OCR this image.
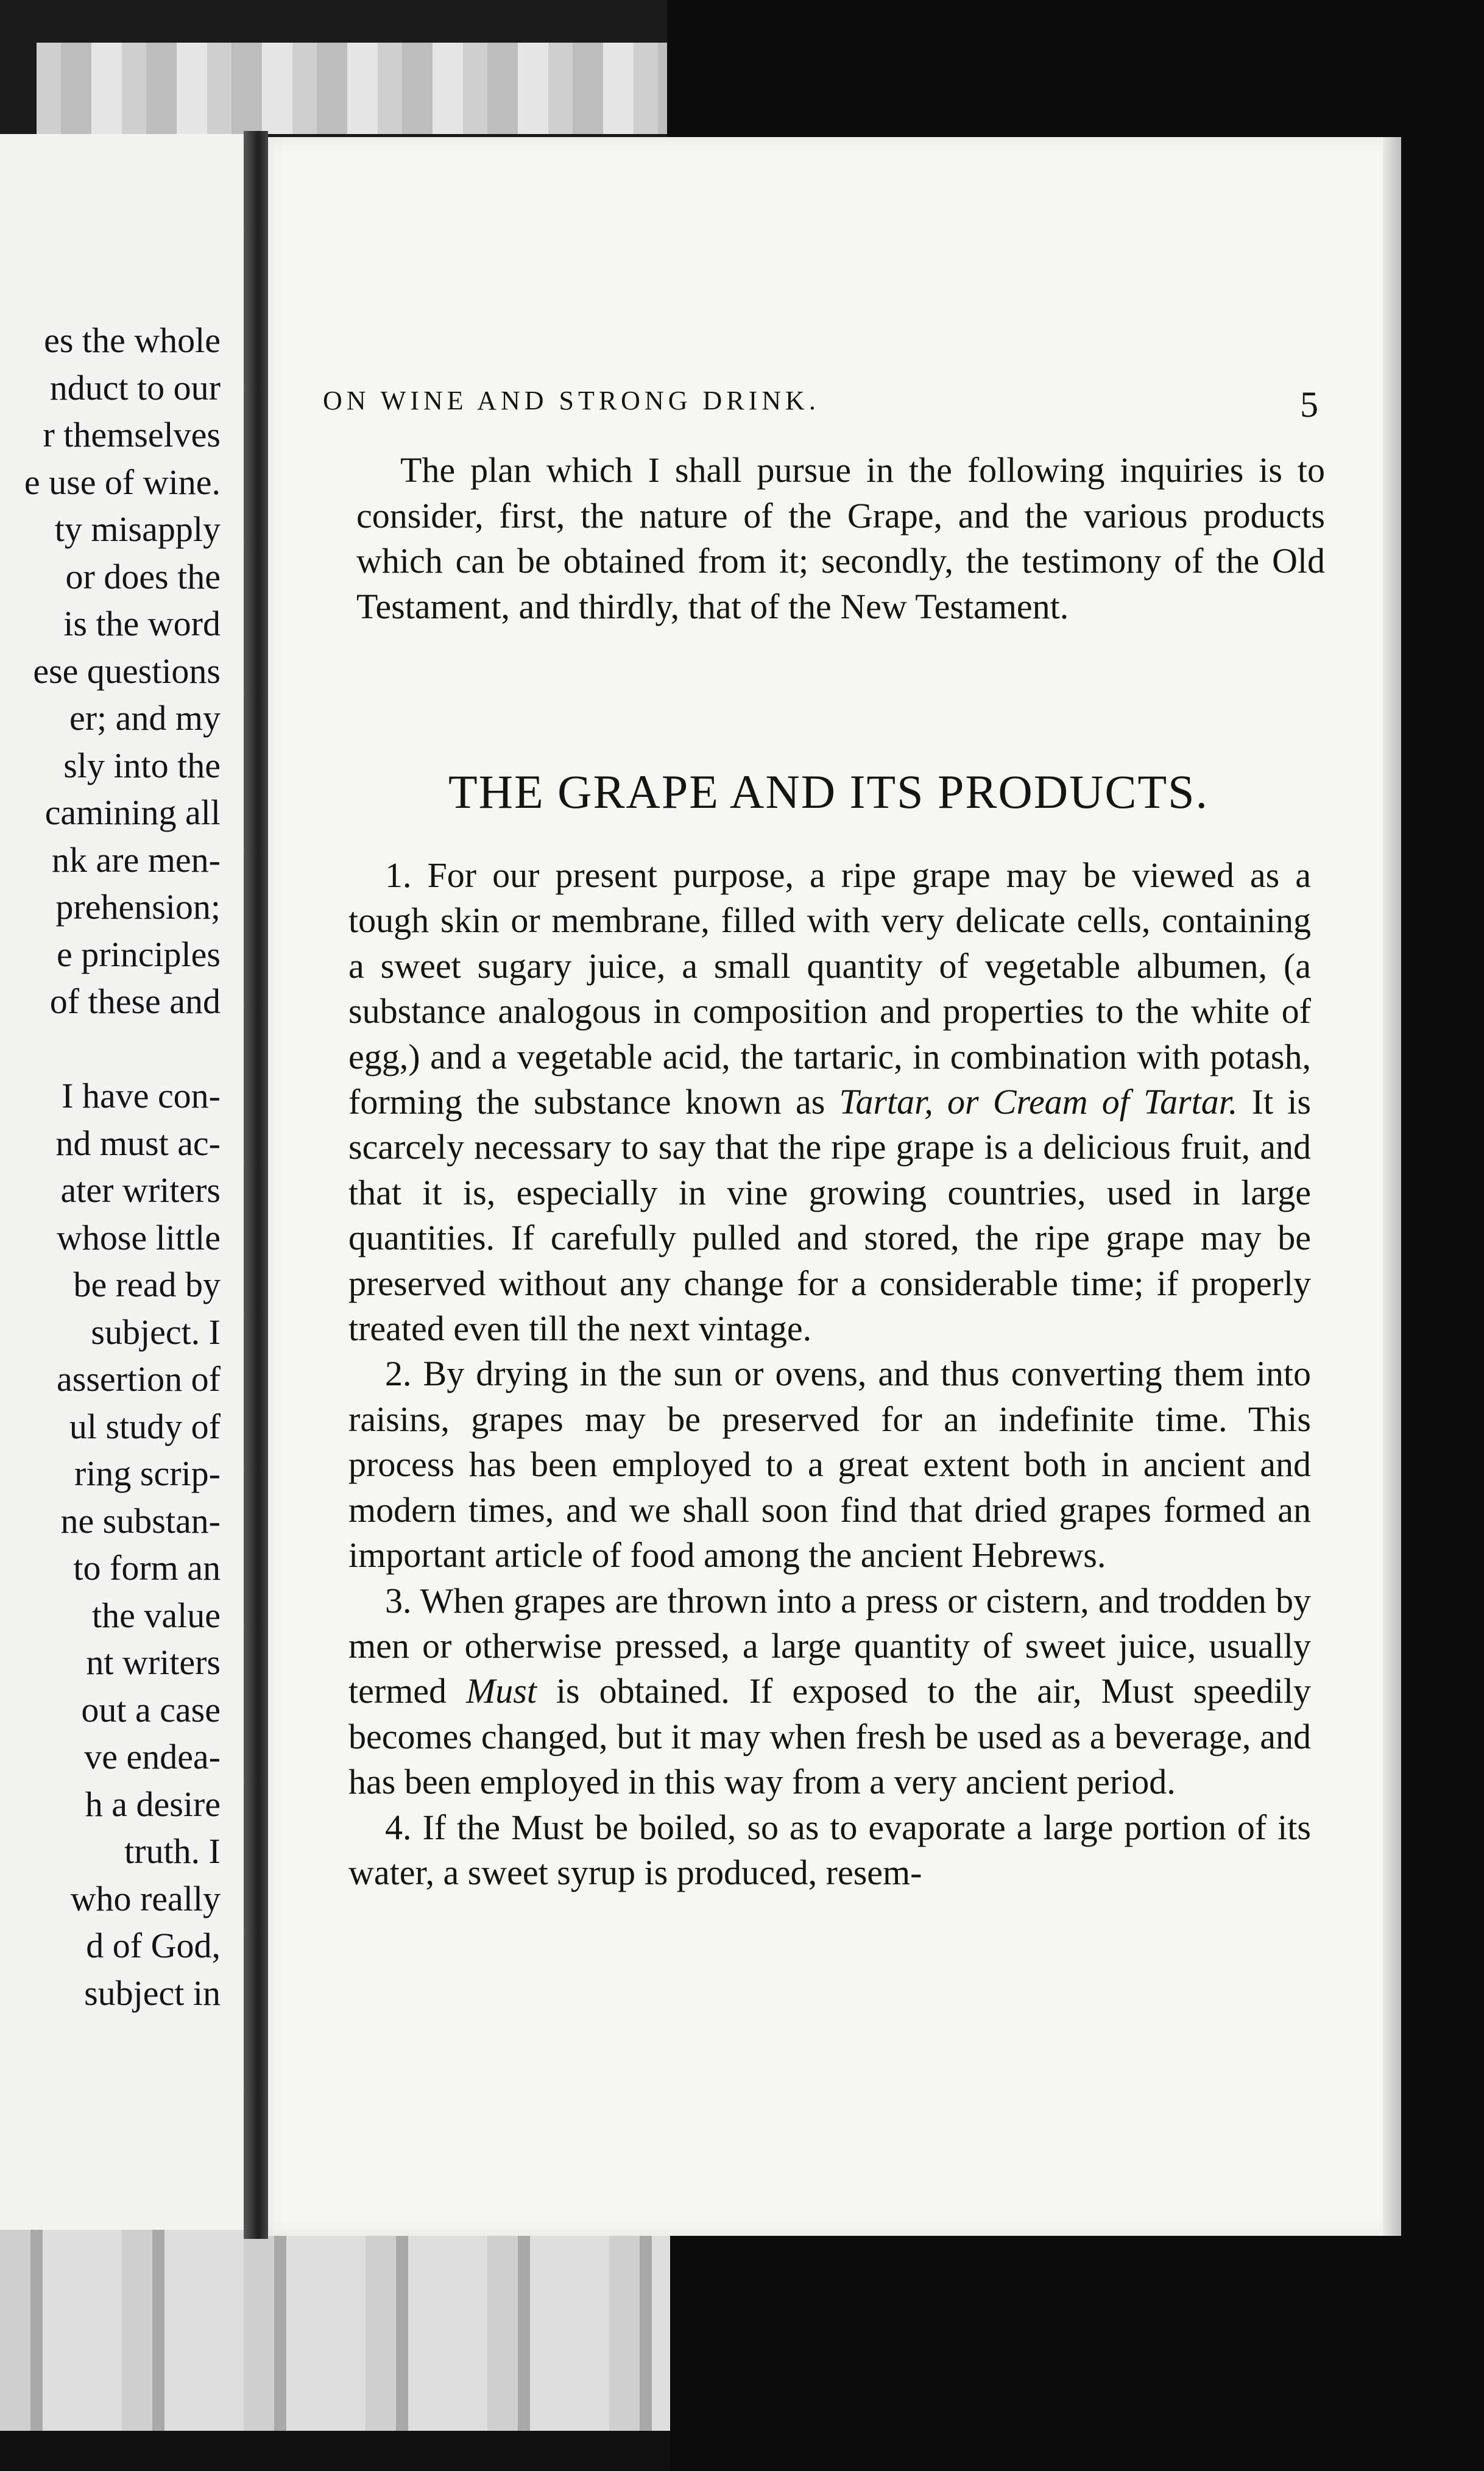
es the whole
nduct to our
r themselves
e use of wine.
ty misapply
or does the
is the word
ese questions
er; and my
sly into the
camining all
nk are men-
prehension;
e principles
of these and
I have con-
nd must ac-
ater writers
whose little
be read by
subject. I
assertion of
ul study of
ring scrip-
ne substan-
to form an
the value
nt writers
out a case
ve endea-
h a desire
truth. I
who really
d of God,
subject in
ON WINE AND STRONG DRINK.	5

The plan which I shall pursue in the following inquiries is to consider, first, the nature of the Grape, and the various products which can be obtained from it; secondly, the testimony of the Old Testament, and thirdly, that of the New Testament.

THE GRAPE AND ITS PRODUCTS.

1. For our present purpose, a ripe grape may be viewed as a tough skin or membrane, filled with very delicate cells, containing a sweet sugary juice, a small quantity of vegetable albumen, (a substance analogous in composition and properties to the white of egg,) and a vegetable acid, the tartaric, in combination with potash, forming the substance known as Tartar, or Cream of Tartar. It is scarcely necessary to say that the ripe grape is a delicious fruit, and that it is, especially in vine growing countries, used in large quantities. If carefully pulled and stored, the ripe grape may be preserved without any change for a considerable time; if properly treated even till the next vintage.

2. By drying in the sun or ovens, and thus converting them into raisins, grapes may be preserved for an indefinite time. This process has been employed to a great extent both in ancient and modern times, and we shall soon find that dried grapes formed an important article of food among the ancient Hebrews.

3. When grapes are thrown into a press or cistern, and trodden by men or otherwise pressed, a large quantity of sweet juice, usually termed Must is obtained. If exposed to the air, Must speedily becomes changed, but it may when fresh be used as a beverage, and has been employed in this way from a very ancient period.

4. If the Must be boiled, so as to evaporate a large portion of its water, a sweet syrup is produced, resem-
